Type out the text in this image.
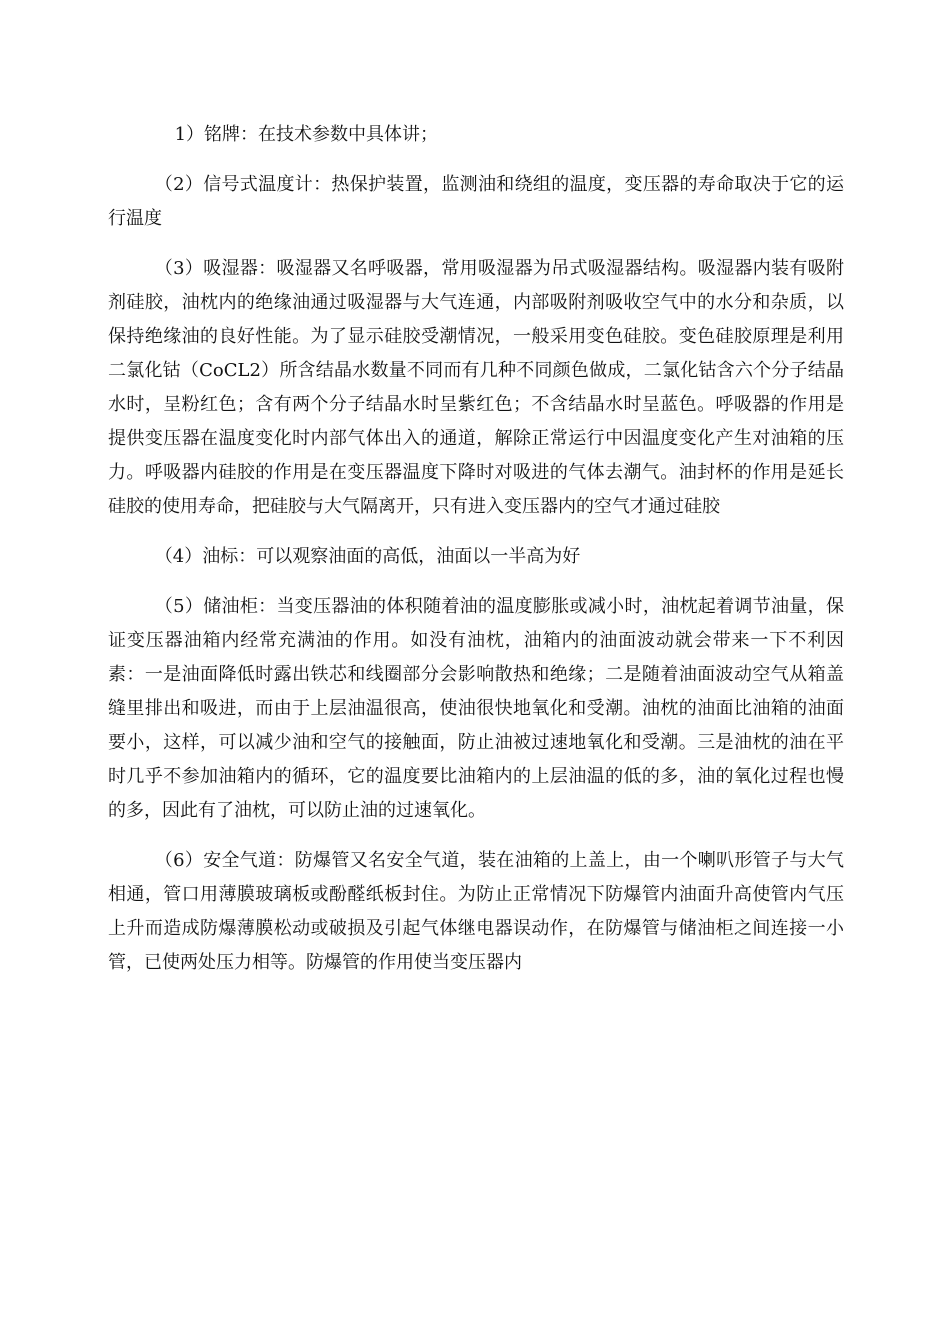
1）铭牌：在技术参数中具体讲；

（2）信号式温度计：热保护装置，监测油和绕组的温度，变压器的寿命取决于它的运行温度

（3）吸湿器：吸湿器又名呼吸器，常用吸湿器为吊式吸湿器结构。吸湿器内装有吸附剂硅胶，油枕内的绝缘油通过吸湿器与大气连通，内部吸附剂吸收空气中的水分和杂质，以保持绝缘油的良好性能。为了显示硅胶受潮情况，一般采用变色硅胶。变色硅胶原理是利用二氯化钴（CoCL2）所含结晶水数量不同而有几种不同颜色做成，二氯化钴含六个分子结晶水时，呈粉红色；含有两个分子结晶水时呈紫红色；不含结晶水时呈蓝色。呼吸器的作用是提供变压器在温度变化时内部气体出入的通道，解除正常运行中因温度变化产生对油箱的压力。呼吸器内硅胶的作用是在变压器温度下降时对吸进的气体去潮气。油封杯的作用是延长硅胶的使用寿命，把硅胶与大气隔离开，只有进入变压器内的空气才通过硅胶

（4）油标：可以观察油面的高低，油面以一半高为好

（5）储油柜：当变压器油的体积随着油的温度膨胀或减小时，油枕起着调节油量，保证变压器油箱内经常充满油的作用。如没有油枕，油箱内的油面波动就会带来一下不利因素：一是油面降低时露出铁芯和线圈部分会影响散热和绝缘；二是随着油面波动空气从箱盖缝里排出和吸进，而由于上层油温很高，使油很快地氧化和受潮。油枕的油面比油箱的油面要小，这样，可以减少油和空气的接触面，防止油被过速地氧化和受潮。三是油枕的油在平时几乎不参加油箱内的循环，它的温度要比油箱内的上层油温的低的多，油的氧化过程也慢的多，因此有了油枕，可以防止油的过速氧化。

（6）安全气道：防爆管又名安全气道，装在油箱的上盖上，由一个喇叭形管子与大气相通，管口用薄膜玻璃板或酚醛纸板封住。为防止正常情况下防爆管内油面升高使管内气压上升而造成防爆薄膜松动或破损及引起气体继电器误动作，在防爆管与储油柜之间连接一小管，已使两处压力相等。防爆管的作用使当变压器内
